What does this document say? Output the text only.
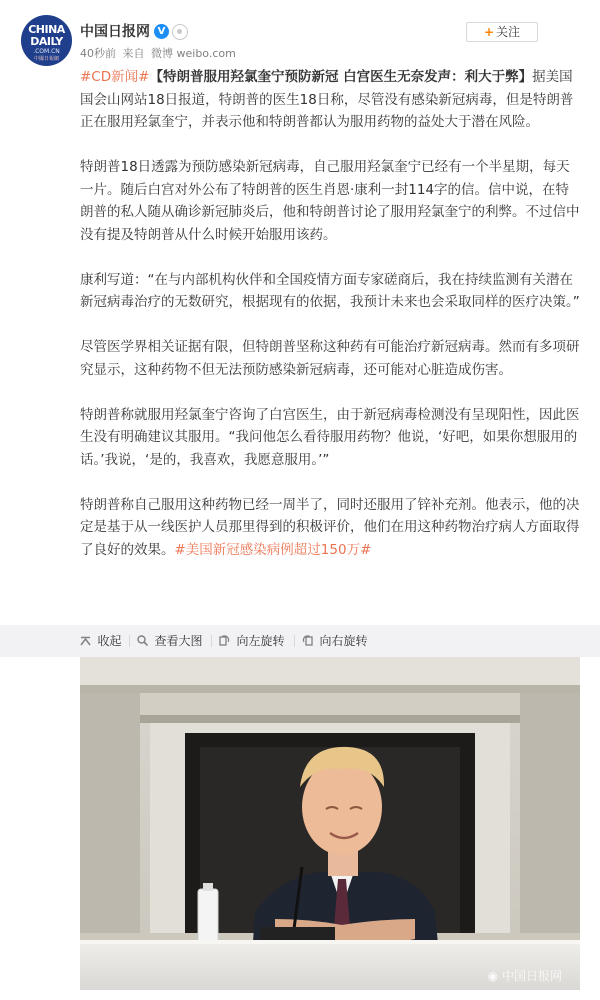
CHINA
DAILY
.COM.CN
中國日報網
中国日报网 V
40秒前 来自 微博 weibo.com
+ 关注

#CD新闻#【特朗普服用羟氯奎宁预防新冠 白宫医生无奈发声：利大于弊】据美国国会山网站18日报道，特朗普的医生18日称，尽管没有感染新冠病毒，但是特朗普正在服用羟氯奎宁，并表示他和特朗普都认为服用药物的益处大于潜在风险。

特朗普18日透露为预防感染新冠病毒，自己服用羟氯奎宁已经有一个半星期，每天一片。随后白宫对外公布了特朗普的医生肖恩·康利一封114字的信。信中说，在特朗普的私人随从确诊新冠肺炎后，他和特朗普讨论了服用羟氯奎宁的利弊。不过信中没有提及特朗普从什么时候开始服用该药。

康利写道：“在与内部机构伙伴和全国疫情方面专家磋商后，我在持续监测有关潜在新冠病毒治疗的无数研究，根据现有的依据，我预计未来也会采取同样的医疗决策。”

尽管医学界相关证据有限，但特朗普坚称这种药有可能治疗新冠病毒。然而有多项研究显示，这种药物不但无法预防感染新冠病毒，还可能对心脏造成伤害。

特朗普称就服用羟氯奎宁咨询了白宫医生，由于新冠病毒检测没有呈现阳性，因此医生没有明确建议其服用。“我问他怎么看待服用药物？他说，‘好吧，如果你想服用的话。’我说，‘是的，我喜欢，我愿意服用。’”

特朗普称自己服用这种药物已经一周半了，同时还服用了锌补充剂。他表示，他的决定是基于从一线医护人员那里得到的积极评价，他们在用这种药物治疗病人方面取得了良好的效果。#美国新冠感染病例超过150万#

收起	查看大图	向左旋转	向右旋转
◉ 中国日报网
